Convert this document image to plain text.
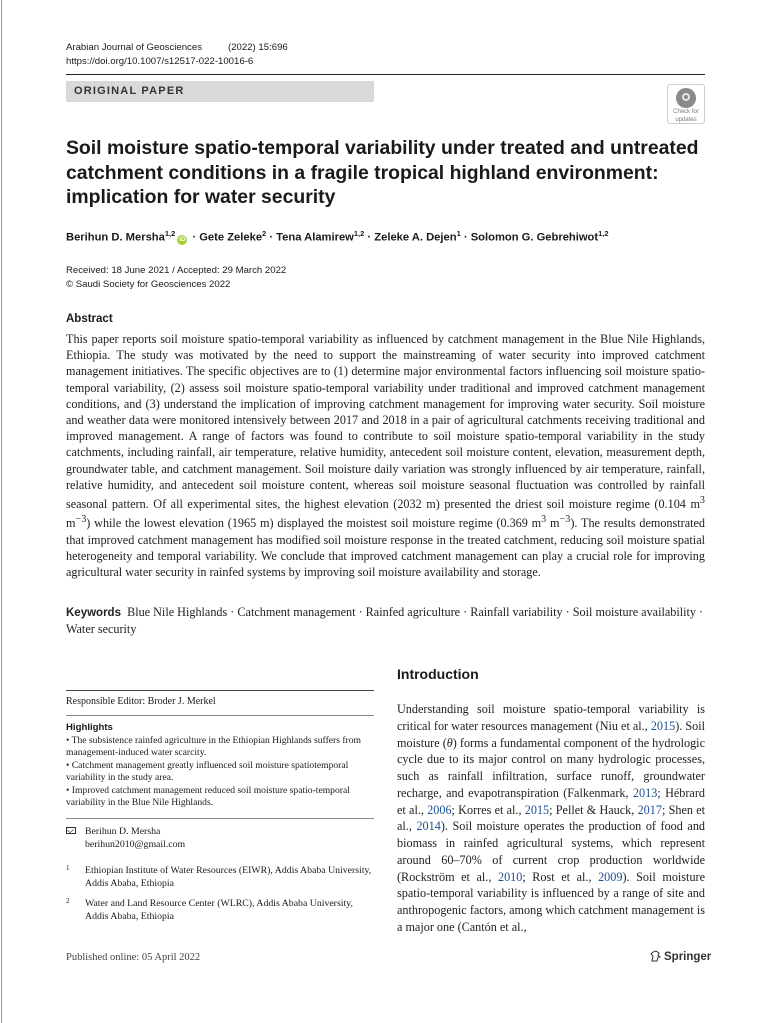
Arabian Journal of Geosciences	(2022) 15:696
https://doi.org/10.1007/s12517-022-10016-6
ORIGINAL PAPER
Check for
updates
Soil moisture spatio-temporal variability under treated and untreated catchment conditions in a fragile tropical highland environment: implication for water security
Berihun D. Mersha$^{1,2}$iD · Gete Zeleke$^2$ · Tena Alamirew$^{1,2}$ · Zeleke A. Dejen$^1$ · Solomon G. Gebrehiwot$^{1,2}$
Received: 18 June 2021 / Accepted: 29 March 2022
© Saudi Society for Geosciences 2022
Abstract

This paper reports soil moisture spatio-temporal variability as influenced by catchment management in the Blue Nile Highlands, Ethiopia. The study was motivated by the need to support the mainstreaming of water security into improved catchment management initiatives. The specific objectives are to (1) determine major environmental factors influencing soil moisture spatio-temporal variability, (2) assess soil moisture spatio-temporal variability under traditional and improved catchment management conditions, and (3) understand the implication of improving catchment management for improving water security. Soil moisture and weather data were monitored intensively between 2017 and 2018 in a pair of agricultural catchments receiving traditional and improved management. A range of factors was found to contribute to soil moisture spatio-temporal variability in the study catchments, including rainfall, air temperature, relative humidity, antecedent soil moisture content, elevation, measurement depth, groundwater table, and catchment management. Soil moisture daily variation was strongly influenced by air temperature, rainfall, relative humidity, and antecedent soil moisture content, whereas soil moisture seasonal fluctuation was controlled by rainfall seasonal pattern. Of all experimental sites, the highest elevation (2032 m) presented the driest soil moisture regime (0.104 $m^3$ $m^{-3}$) while the lowest elevation (1965 m) displayed the moistest soil moisture regime (0.369 $m^3$ $m^{-3}$). The results demonstrated that improved catchment management has modified soil moisture response in the treated catchment, reducing soil moisture spatial heterogeneity and temporal variability. We conclude that improved catchment management can play a crucial role for improving agricultural water security in rainfed systems by improving soil moisture availability and storage.

Keywords Blue Nile Highlands · Catchment management · Rainfed agriculture · Rainfall variability · Soil moisture availability · Water security
Responsible Editor: Broder J. Merkel
Highlights
• The subsistence rainfed agriculture in the Ethiopian Highlands suffers from management-induced water scarcity.
• Catchment management greatly influenced soil moisture spatiotemporal variability in the study area.
• Improved catchment management reduced soil moisture spatio-temporal variability in the Blue Nile Highlands.
Berihun D. Mersha
berihun2010@gmail.com
1 Ethiopian Institute of Water Resources (EIWR), Addis Ababa University, Addis Ababa, Ethiopia
2 Water and Land Resource Center (WLRC), Addis Ababa University, Addis Ababa, Ethiopia
Introduction

Understanding soil moisture spatio-temporal variability is critical for water resources management (Niu et al., 2015). Soil moisture (θ) forms a fundamental component of the hydrologic cycle due to its major control on many hydrologic processes, such as rainfall infiltration, surface runoff, groundwater recharge, and evapotranspiration (Falkenmark, 2013; Hébrard et al., 2006; Korres et al., 2015; Pellet & Hauck, 2017; Shen et al., 2014). Soil moisture operates the production of food and biomass in rainfed agricultural systems, which represent around 60–70% of current crop production worldwide (Rockström et al., 2010; Rost et al., 2009). Soil moisture spatio-temporal variability is influenced by a range of site and anthropogenic factors, among which catchment management is a major one (Cantón et al.,

Published online: 05 April 2022	Springer
